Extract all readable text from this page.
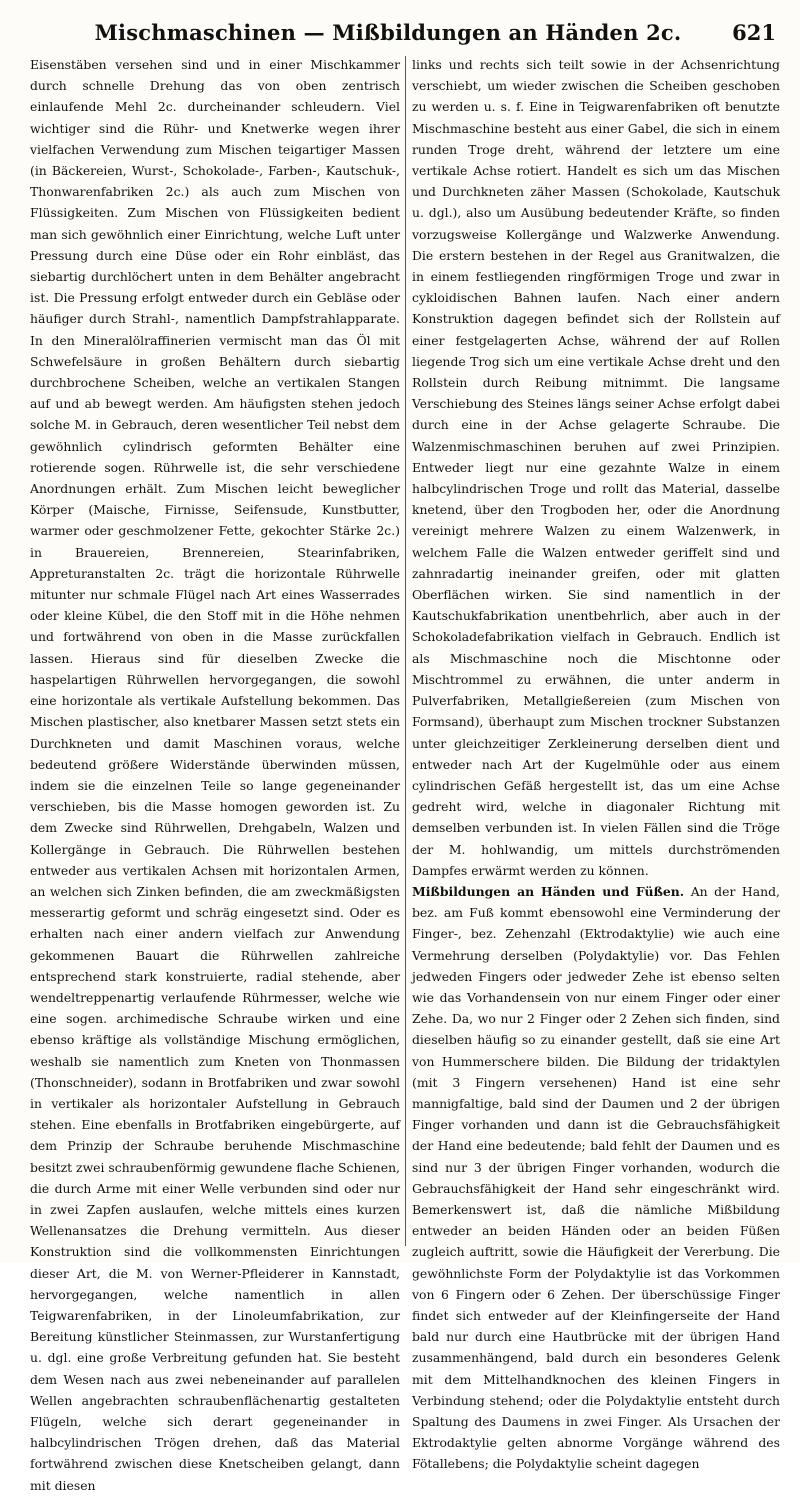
Mischmaschinen — Mißbildungen an Händen 2c.	621

Eisenstäben versehen sind und in einer Mischkammer durch schnelle Drehung das von oben zentrisch einlaufende Mehl 2c. durcheinander schleudern. Viel wichtiger sind die Rühr- und Knetwerke wegen ihrer vielfachen Verwendung zum Mischen teigartiger Massen (in Bäckereien, Wurst-, Schokolade-, Farben-, Kautschuk-, Thonwarenfabriken 2c.) als auch zum Mischen von Flüssigkeiten. Zum Mischen von Flüssigkeiten bedient man sich gewöhnlich einer Einrichtung, welche Luft unter Pressung durch eine Düse oder ein Rohr einbläst, das siebartig durchlöchert unten in dem Behälter angebracht ist. Die Pressung erfolgt entweder durch ein Gebläse oder häufiger durch Strahl-, namentlich Dampfstrahlapparate. In den Mineralölraffinerien vermischt man das Öl mit Schwefelsäure in großen Behältern durch siebartig durchbrochene Scheiben, welche an vertikalen Stangen auf und ab bewegt werden. Am häufigsten stehen jedoch solche M. in Gebrauch, deren wesentlicher Teil nebst dem gewöhnlich cylindrisch geformten Behälter eine rotierende sogen. Rührwelle ist, die sehr verschiedene Anordnungen erhält. Zum Mischen leicht beweglicher Körper (Maische, Firnisse, Seifensude, Kunstbutter, warmer oder geschmolzener Fette, gekochter Stärke 2c.) in Brauereien, Brennereien, Stearinfabriken, Appreturanstalten 2c. trägt die horizontale Rührwelle mitunter nur schmale Flügel nach Art eines Wasserrades oder kleine Kübel, die den Stoff mit in die Höhe nehmen und fortwährend von oben in die Masse zurückfallen lassen. Hieraus sind für dieselben Zwecke die haspelartigen Rührwellen hervorgegangen, die sowohl eine horizontale als vertikale Aufstellung bekommen. Das Mischen plastischer, also knetbarer Massen setzt stets ein Durchkneten und damit Maschinen voraus, welche bedeutend größere Widerstände überwinden müssen, indem sie die einzelnen Teile so lange gegeneinander verschieben, bis die Masse homogen geworden ist. Zu dem Zwecke sind Rührwellen, Drehgabeln, Walzen und Kollergänge in Gebrauch. Die Rührwellen bestehen entweder aus vertikalen Achsen mit horizontalen Armen, an welchen sich Zinken befinden, die am zweckmäßigsten messerartig geformt und schräg eingesetzt sind. Oder es erhalten nach einer andern vielfach zur Anwendung gekommenen Bauart die Rührwellen zahlreiche entsprechend stark konstruierte, radial stehende, aber wendeltreppenartig verlaufende Rührmesser, welche wie eine sogen. archimedische Schraube wirken und eine ebenso kräftige als vollständige Mischung ermöglichen, weshalb sie namentlich zum Kneten von Thonmassen (Thonschneider), sodann in Brotfabriken und zwar sowohl in vertikaler als horizontaler Aufstellung in Gebrauch stehen. Eine ebenfalls in Brotfabriken eingebürgerte, auf dem Prinzip der Schraube beruhende Mischmaschine besitzt zwei schraubenförmig gewundene flache Schienen, die durch Arme mit einer Welle verbunden sind oder nur in zwei Zapfen auslaufen, welche mittels eines kurzen Wellenansatzes die Drehung vermitteln. Aus dieser Konstruktion sind die vollkommensten Einrichtungen dieser Art, die M. von Werner-Pfleiderer in Kannstadt, hervorgegangen, welche namentlich in allen Teigwarenfabriken, in der Linoleumfabrikation, zur Bereitung künstlicher Steinmassen, zur Wurstanfertigung u. dgl. eine große Verbreitung gefunden hat. Sie besteht dem Wesen nach aus zwei nebeneinander auf parallelen Wellen angebrachten schraubenflächenartig gestalteten Flügeln, welche sich derart gegeneinander in halbcylindrischen Trögen drehen, daß das Material fortwährend zwischen diese Knetscheiben gelangt, dann mit diesen

links und rechts sich teilt sowie in der Achsenrichtung verschiebt, um wieder zwischen die Scheiben geschoben zu werden u. s. f. Eine in Teigwarenfabriken oft benutzte Mischmaschine besteht aus einer Gabel, die sich in einem runden Troge dreht, während der letztere um eine vertikale Achse rotiert. Handelt es sich um das Mischen und Durchkneten zäher Massen (Schokolade, Kautschuk u. dgl.), also um Ausübung bedeutender Kräfte, so finden vorzugsweise Kollergänge und Walzwerke Anwendung. Die erstern bestehen in der Regel aus Granitwalzen, die in einem festliegenden ringförmigen Troge und zwar in cykloidischen Bahnen laufen. Nach einer andern Konstruktion dagegen befindet sich der Rollstein auf einer festgelagerten Achse, während der auf Rollen liegende Trog sich um eine vertikale Achse dreht und den Rollstein durch Reibung mitnimmt. Die langsame Verschiebung des Steines längs seiner Achse erfolgt dabei durch eine in der Achse gelagerte Schraube. Die Walzenmischmaschinen beruhen auf zwei Prinzipien. Entweder liegt nur eine gezahnte Walze in einem halbcylindrischen Troge und rollt das Material, dasselbe knetend, über den Trogboden her, oder die Anordnung vereinigt mehrere Walzen zu einem Walzenwerk, in welchem Falle die Walzen entweder geriffelt sind und zahnradartig ineinander greifen, oder mit glatten Oberflächen wirken. Sie sind namentlich in der Kautschukfabrikation unentbehrlich, aber auch in der Schokoladefabrikation vielfach in Gebrauch. Endlich ist als Mischmaschine noch die Mischtonne oder Mischtrommel zu erwähnen, die unter anderm in Pulverfabriken, Metallgießereien (zum Mischen von Formsand), überhaupt zum Mischen trockner Substanzen unter gleichzeitiger Zerkleinerung derselben dient und entweder nach Art der Kugelmühle oder aus einem cylindrischen Gefäß hergestellt ist, das um eine Achse gedreht wird, welche in diagonaler Richtung mit demselben verbunden ist. In vielen Fällen sind die Tröge der M. hohlwandig, um mittels durchströmenden Dampfes erwärmt werden zu können.

Mißbildungen an Händen und Füßen. An der Hand, bez. am Fuß kommt ebensowohl eine Verminderung der Finger-, bez. Zehenzahl (Ektrodaktylie) wie auch eine Vermehrung derselben (Polydaktylie) vor. Das Fehlen jedweden Fingers oder jedweder Zehe ist ebenso selten wie das Vorhandensein von nur einem Finger oder einer Zehe. Da, wo nur 2 Finger oder 2 Zehen sich finden, sind dieselben häufig so zu einander gestellt, daß sie eine Art von Hummerschere bilden. Die Bildung der tridaktylen (mit 3 Fingern versehenen) Hand ist eine sehr mannigfaltige, bald sind der Daumen und 2 der übrigen Finger vorhanden und dann ist die Gebrauchsfähigkeit der Hand eine bedeutende; bald fehlt der Daumen und es sind nur 3 der übrigen Finger vorhanden, wodurch die Gebrauchsfähigkeit der Hand sehr eingeschränkt wird. Bemerkenswert ist, daß die nämliche Mißbildung entweder an beiden Händen oder an beiden Füßen zugleich auftritt, sowie die Häufigkeit der Vererbung. Die gewöhnlichste Form der Polydaktylie ist das Vorkommen von 6 Fingern oder 6 Zehen. Der überschüssige Finger findet sich entweder auf der Kleinfingerseite der Hand bald nur durch eine Hautbrücke mit der übrigen Hand zusammenhängend, bald durch ein besonderes Gelenk mit dem Mittelhandknochen des kleinen Fingers in Verbindung stehend; oder die Polydaktylie entsteht durch Spaltung des Daumens in zwei Finger. Als Ursachen der Ektrodaktylie gelten abnorme Vorgänge während des Fötallebens; die Polydaktylie scheint dagegen
